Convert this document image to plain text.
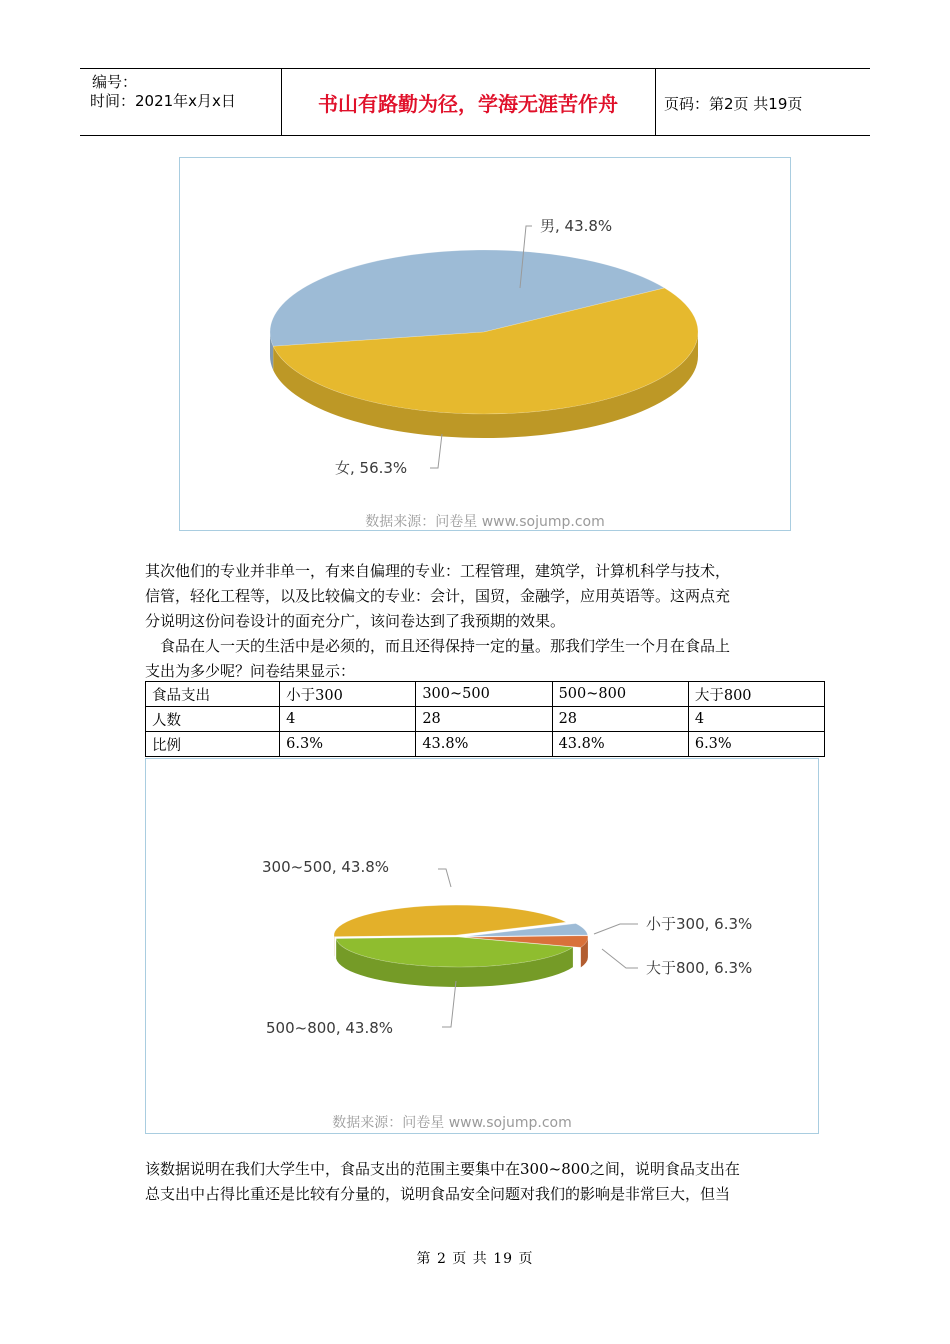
编号：
时间：2021年x月x日	书山有路勤为径，学海无涯苦作舟	页码：第2页 共19页
男, 43.8%
女, 56.3%
数据来源：问卷星 www.sojump.com
其次他们的专业并非单一，有来自偏理的专业：工程管理，建筑学，计算机科学与技术，
信管，轻化工程等，以及比较偏文的专业：会计，国贸，金融学，应用英语等。这两点充
分说明这份问卷设计的面充分广，该问卷达到了我预期的效果。
　食品在人一天的生活中是必须的，而且还得保持一定的量。那我们学生一个月在食品上
支出为多少呢？问卷结果显示：
食品支出	小于300	300~500	500~800	大于800
人数	4	28	28	4
比例	6.3%	43.8%	43.8%	6.3%
300~500, 43.8%
小于300, 6.3%
大于800, 6.3%
500~800, 43.8%
数据来源：问卷星 www.sojump.com
该数据说明在我们大学生中，食品支出的范围主要集中在300~800之间，说明食品支出在
总支出中占得比重还是比较有分量的，说明食品安全问题对我们的影响是非常巨大，但当
第 2 页 共 19 页
